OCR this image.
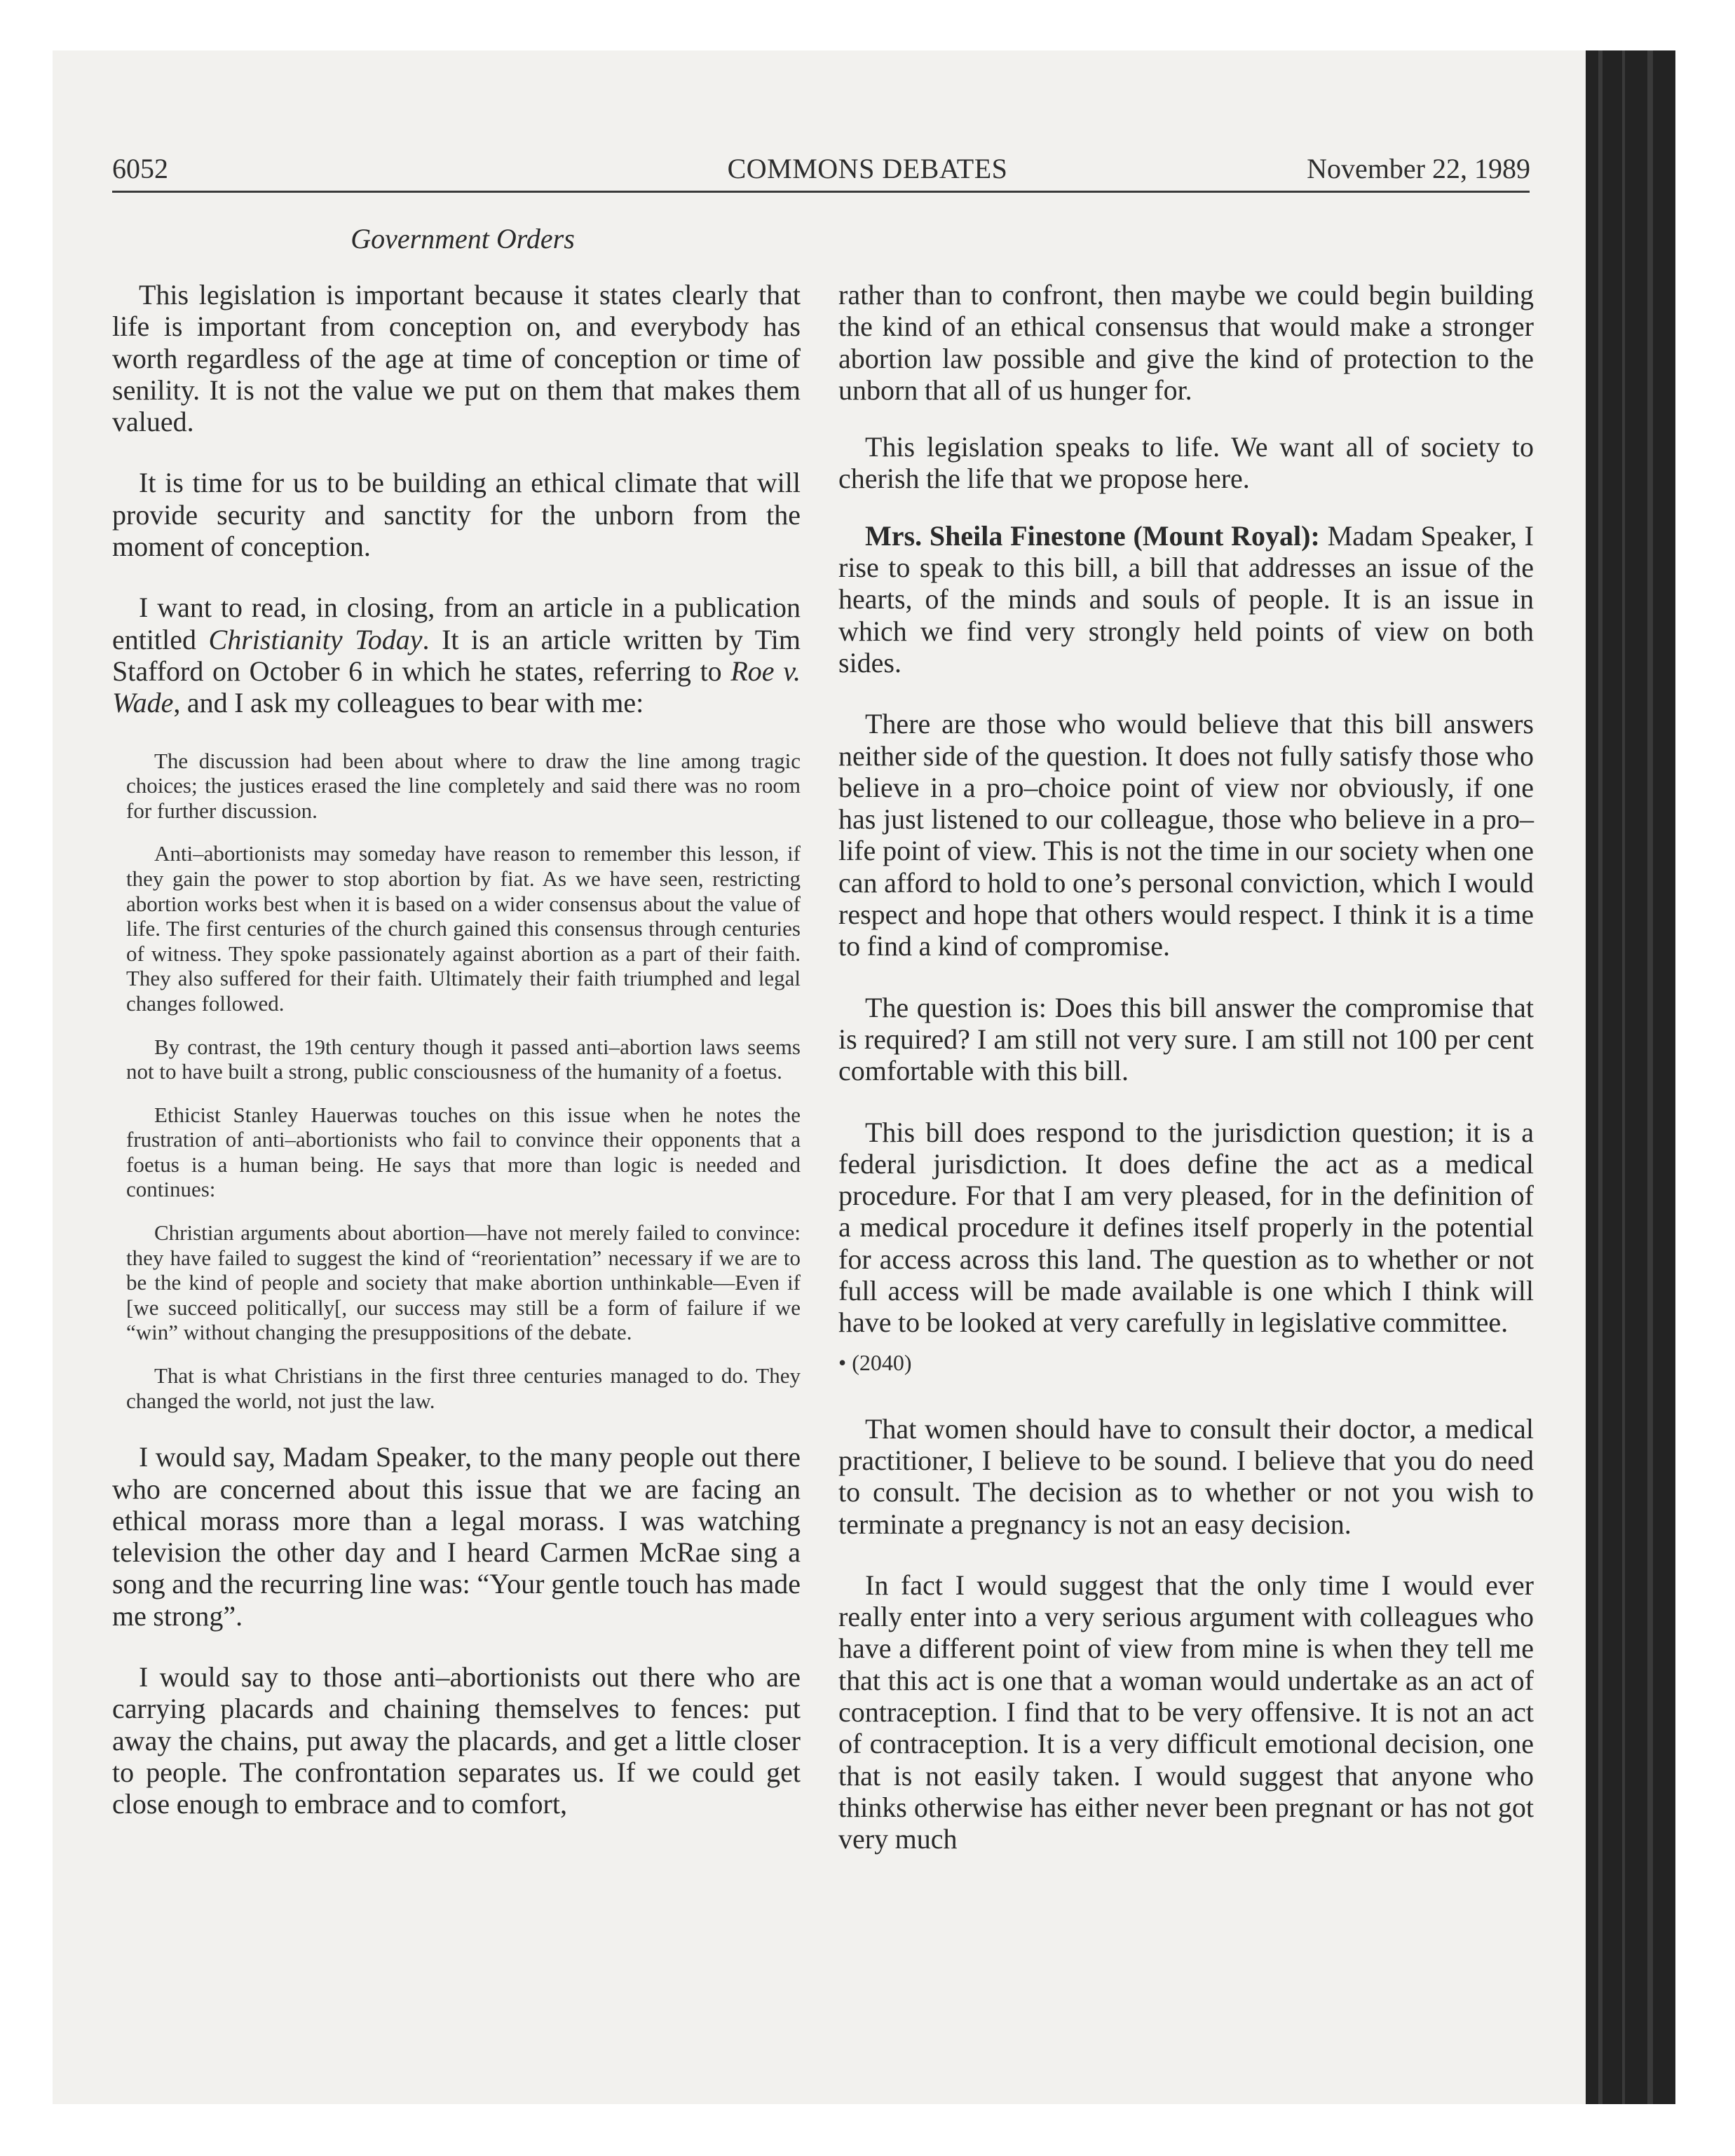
6052	COMMONS DEBATES	November 22, 1989
Government Orders

This legislation is important because it states clearly that life is important from conception on, and everybody has worth regardless of the age at time of conception or time of senility. It is not the value we put on them that makes them valued.

It is time for us to be building an ethical climate that will provide security and sanctity for the unborn from the moment of conception.

I want to read, in closing, from an article in a publication entitled Christianity Today. It is an article written by Tim Stafford on October 6 in which he states, referring to Roe v. Wade, and I ask my colleagues to bear with me:

The discussion had been about where to draw the line among tragic choices; the justices erased the line completely and said there was no room for further discussion.

Anti–abortionists may someday have reason to remember this lesson, if they gain the power to stop abortion by fiat. As we have seen, restricting abortion works best when it is based on a wider consensus about the value of life. The first centuries of the church gained this consensus through centuries of witness. They spoke passionately against abortion as a part of their faith. They also suffered for their faith. Ultimately their faith triumphed and legal changes followed.

By contrast, the 19th century though it passed anti–abortion laws seems not to have built a strong, public consciousness of the humanity of a foetus.

Ethicist Stanley Hauerwas touches on this issue when he notes the frustration of anti–abortionists who fail to convince their opponents that a foetus is a human being. He says that more than logic is needed and continues:

Christian arguments about abortion—have not merely failed to convince: they have failed to suggest the kind of “reorientation” necessary if we are to be the kind of people and society that make abortion unthinkable—Even if [we succeed politically[, our success may still be a form of failure if we “win” without changing the presuppositions of the debate.

That is what Christians in the first three centuries managed to do. They changed the world, not just the law.

I would say, Madam Speaker, to the many people out there who are concerned about this issue that we are facing an ethical morass more than a legal morass. I was watching television the other day and I heard Carmen McRae sing a song and the recurring line was: “Your gentle touch has made me strong”.

I would say to those anti–abortionists out there who are carrying placards and chaining themselves to fences: put away the chains, put away the placards, and get a little closer to people. The confrontation separates us. If we could get close enough to embrace and to comfort,

rather than to confront, then maybe we could begin building the kind of an ethical consensus that would make a stronger abortion law possible and give the kind of protection to the unborn that all of us hunger for.

This legislation speaks to life. We want all of society to cherish the life that we propose here.

Mrs. Sheila Finestone (Mount Royal): Madam Speaker, I rise to speak to this bill, a bill that addresses an issue of the hearts, of the minds and souls of people. It is an issue in which we find very strongly held points of view on both sides.

There are those who would believe that this bill answers neither side of the question. It does not fully satisfy those who believe in a pro–choice point of view nor obviously, if one has just listened to our colleague, those who believe in a pro–life point of view. This is not the time in our society when one can afford to hold to one’s personal conviction, which I would respect and hope that others would respect. I think it is a time to find a kind of compromise.

The question is: Does this bill answer the compromise that is required? I am still not very sure. I am still not 100 per cent comfortable with this bill.

This bill does respond to the jurisdiction question; it is a federal jurisdiction. It does define the act as a medical procedure. For that I am very pleased, for in the definition of a medical procedure it defines itself properly in the potential for access across this land. The question as to whether or not full access will be made available is one which I think will have to be looked at very carefully in legislative committee.

• (2040)

That women should have to consult their doctor, a medical practitioner, I believe to be sound. I believe that you do need to consult. The decision as to whether or not you wish to terminate a pregnancy is not an easy decision.

In fact I would suggest that the only time I would ever really enter into a very serious argument with colleagues who have a different point of view from mine is when they tell me that this act is one that a woman would undertake as an act of contraception. I find that to be very offensive. It is not an act of contraception. It is a very difficult emotional decision, one that is not easily taken. I would suggest that anyone who thinks otherwise has either never been pregnant or has not got very much
